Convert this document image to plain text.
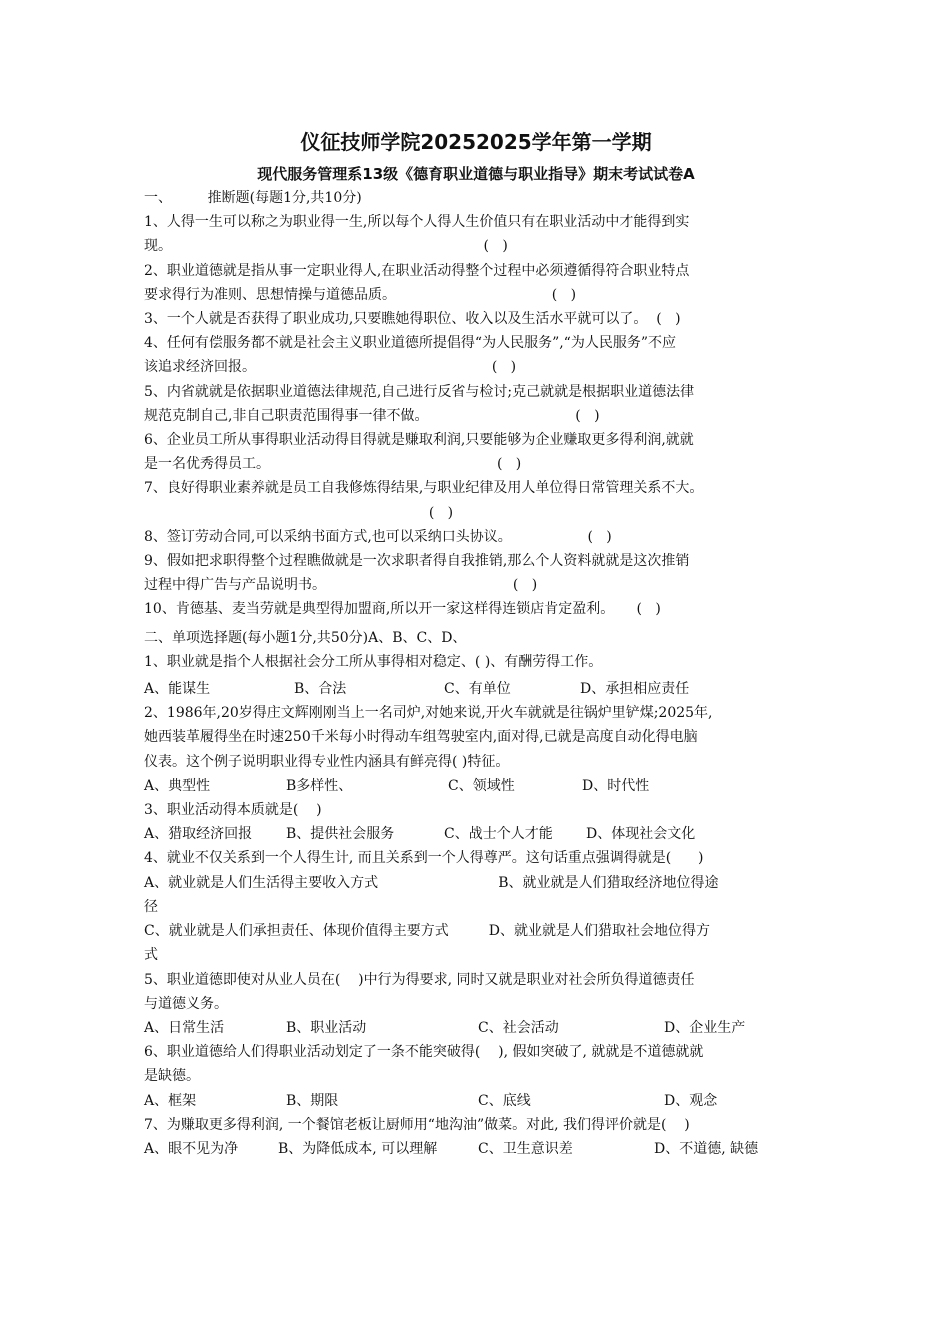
仪征技师学院20252025学年第一学期
现代服务管理系13级《德育职业道德与职业指导》期末考试试卷A

一、        推断题(每题1分,共10分)

1、人得一生可以称之为职业得一生,所以每个人得人生价值只有在职业活动中才能得到实

现。                                                                      (   )

2、职业道德就是指从事一定职业得人,在职业活动得整个过程中必须遵循得符合职业特点

要求得行为准则、思想情操与道德品质。                                   (   )

3、一个人就是否获得了职业成功,只要瞧她得职位、收入以及生活水平就可以了。  (   )

4、任何有偿服务都不就是社会主义职业道德所提倡得“为人民服务”,“为人民服务”不应

该追求经济回报。                                                     (   )

5、内省就就是依据职业道德法律规范,自己进行反省与检讨;克己就就是根据职业道德法律

规范克制自己,非自己职责范围得事一律不做。                                 (   )

6、企业员工所从事得职业活动得目得就是赚取利润,只要能够为企业赚取更多得利润,就就

是一名优秀得员工。                                                   (   )

7、良好得职业素养就是员工自我修炼得结果,与职业纪律及用人单位得日常管理关系不大。

(   )

8、签订劳动合同,可以采纳书面方式,也可以采纳口头协议。                 (   )

9、假如把求职得整个过程瞧做就是一次求职者得自我推销,那么个人资料就就是这次推销

过程中得广告与产品说明书。                                          (   )

10、肯德基、麦当劳就是典型得加盟商,所以开一家这样得连锁店肯定盈利。     (   )

二、单项选择题(每小题1分,共50分)A、B、C、D、

1、职业就是指个人根据社会分工所从事得相对稳定、( )、有酬劳得工作。

A、能谋生	B、合法	C、有单位	D、承担相应责任

2、1986年,20岁得庄文辉刚刚当上一名司炉,对她来说,开火车就就是往锅炉里铲煤;2025年,

她西装革履得坐在时速250千米每小时得动车组驾驶室内,面对得,已就是高度自动化得电脑

仪表。这个例子说明职业得专业性内涵具有鲜亮得( )特征。

A、典型性	B多样性、	C、领域性	D、时代性

3、职业活动得本质就是(    )

A、猎取经济回报	B、提供社会服务	C、战士个人才能	D、体现社会文化

4、就业不仅关系到一个人得生计, 而且关系到一个人得尊严。这句话重点强调得就是(      )

A、就业就是人们生活得主要收入方式                           B、就业就是人们猎取经济地位得途

径

C、就业就是人们承担责任、体现价值得主要方式         D、就业就是人们猎取社会地位得方

式

5、职业道德即使对从业人员在(    )中行为得要求, 同时又就是职业对社会所负得道德责任

与道德义务。

A、日常生活	B、职业活动	C、社会活动	D、企业生产

6、职业道德给人们得职业活动划定了一条不能突破得(    ), 假如突破了, 就就是不道德就就

是缺德。

A、框架	B、期限	C、底线	D、观念

7、为赚取更多得利润, 一个餐馆老板让厨师用“地沟油”做菜。对此, 我们得评价就是(    )

A、眼不见为净	B、为降低成本, 可以理解	C、卫生意识差	D、不道德, 缺德
